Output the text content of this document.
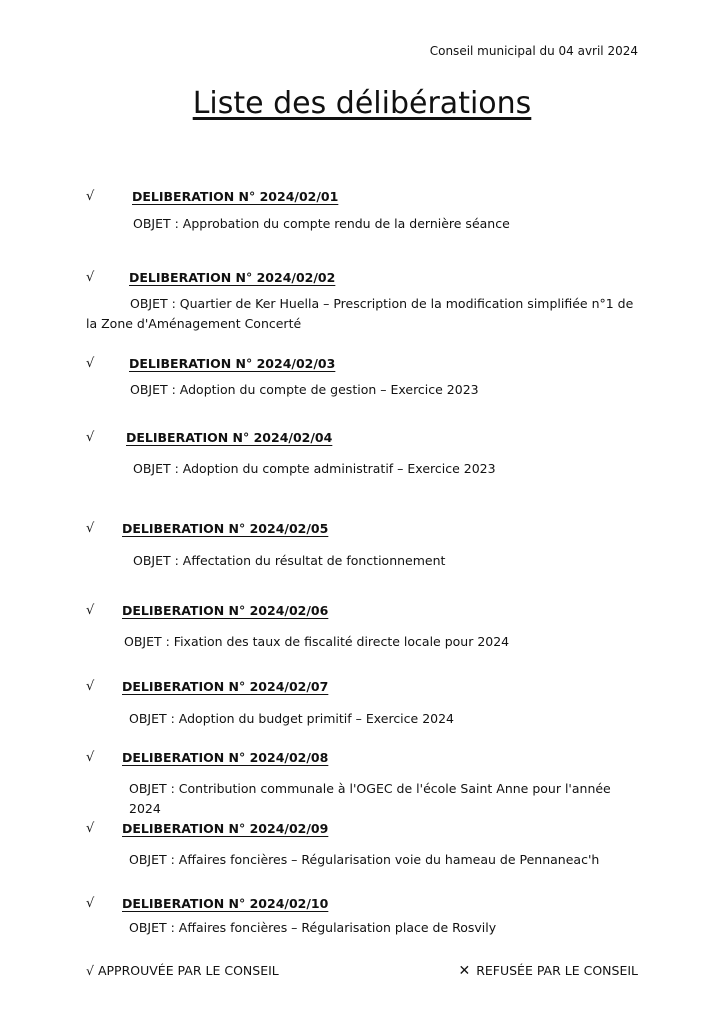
Conseil municipal du 04 avril 2024
Liste des délibérations
√	DELIBERATION N° 2024/02/01
OBJET : Approbation du compte rendu de la dernière séance
√	DELIBERATION N° 2024/02/02
OBJET : Quartier de Ker Huella – Prescription de la modification simplifiée n°1 de la Zone d'Aménagement Concerté
√	DELIBERATION N° 2024/02/03
OBJET : Adoption du compte de gestion – Exercice 2023
√	DELIBERATION N° 2024/02/04
OBJET : Adoption du compte administratif – Exercice 2023
√ DELIBERATION N° 2024/02/05
OBJET : Affectation du résultat de fonctionnement
√ DELIBERATION N° 2024/02/06
OBJET : Fixation des taux de fiscalité directe locale pour 2024
√ DELIBERATION N° 2024/02/07
OBJET : Adoption du budget primitif – Exercice 2024
√ DELIBERATION N° 2024/02/08
OBJET : Contribution communale à l'OGEC de l'école Saint Anne pour l'année 2024
√ DELIBERATION N° 2024/02/09
OBJET : Affaires foncières – Régularisation voie du hameau de Pennaneac'h
√ DELIBERATION N° 2024/02/10
OBJET : Affaires foncières – Régularisation place de Rosvily
√ APPROUVÉE PAR LE CONSEIL	✕ REFUSÉE PAR LE CONSEIL
